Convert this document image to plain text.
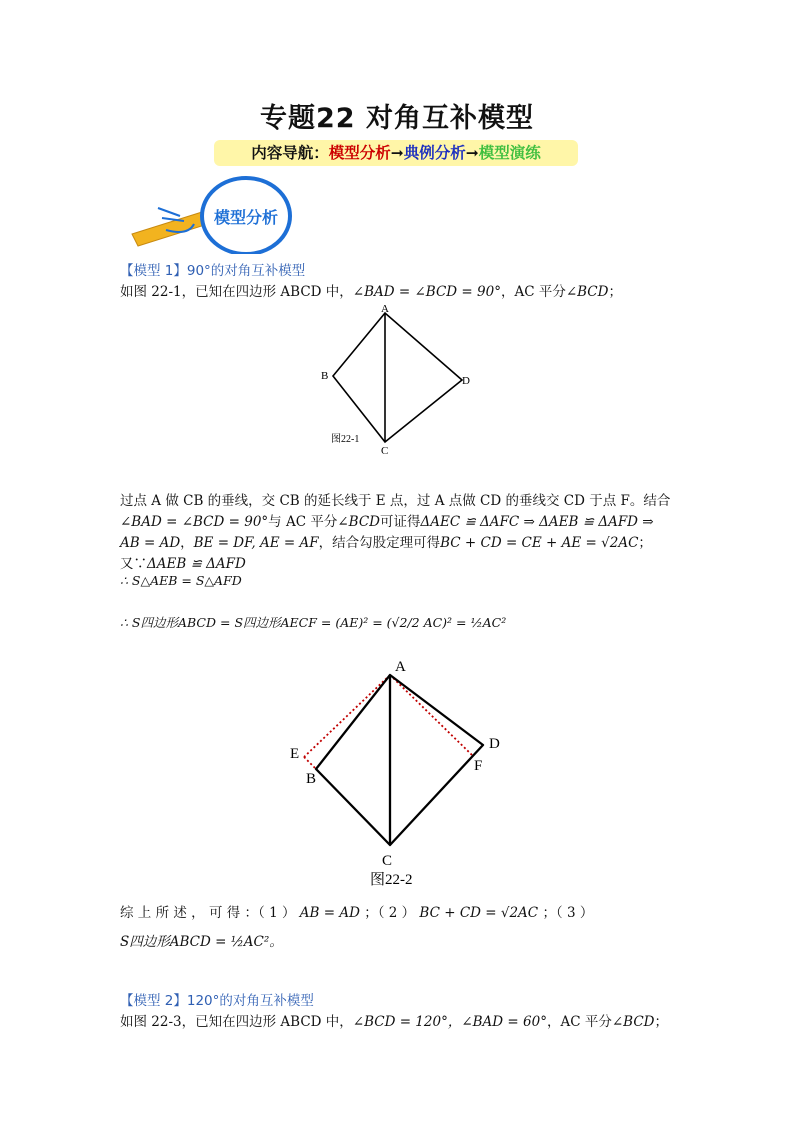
专题22 对角互补模型
内容导航：模型分析➞典例分析➞模型演练
模型分析
【模型 1】90°的对角互补模型
如图 22-1，已知在四边形 ABCD 中，∠BAD = ∠BCD = 90°，AC 平分∠BCD；
A
B
C
D
图22-1
过点 A 做 CB 的垂线，交 CB 的延长线于 E 点，过 A 点做 CD 的垂线交 CD 于点 F。结合
∠BAD = ∠BCD = 90°与 AC 平分∠BCD可证得ΔAEC ≌ ΔAFC ⇒ ΔAEB ≌ ΔAFD ⇒
AB = AD，BE = DF, AE = AF，结合勾股定理可得BC + CD = CE + AE = √2AC；
又∵ΔAEB ≌ ΔAFD
∴ S△AEB = S△AFD
∴ S四边形ABCD = S四边形AECF = (AE)² = (√2/2 AC)² = ½AC²
A
B
C
D
E
F
图22-2
综 上 所 述 ， 可 得 ：（ 1 ） AB = AD ；（ 2 ） BC + CD = √2AC ；（ 3 ）
S四边形ABCD = ½AC²。
【模型 2】120°的对角互补模型
如图 22-3，已知在四边形 ABCD 中，∠BCD = 120°，∠BAD = 60°，AC 平分∠BCD；
